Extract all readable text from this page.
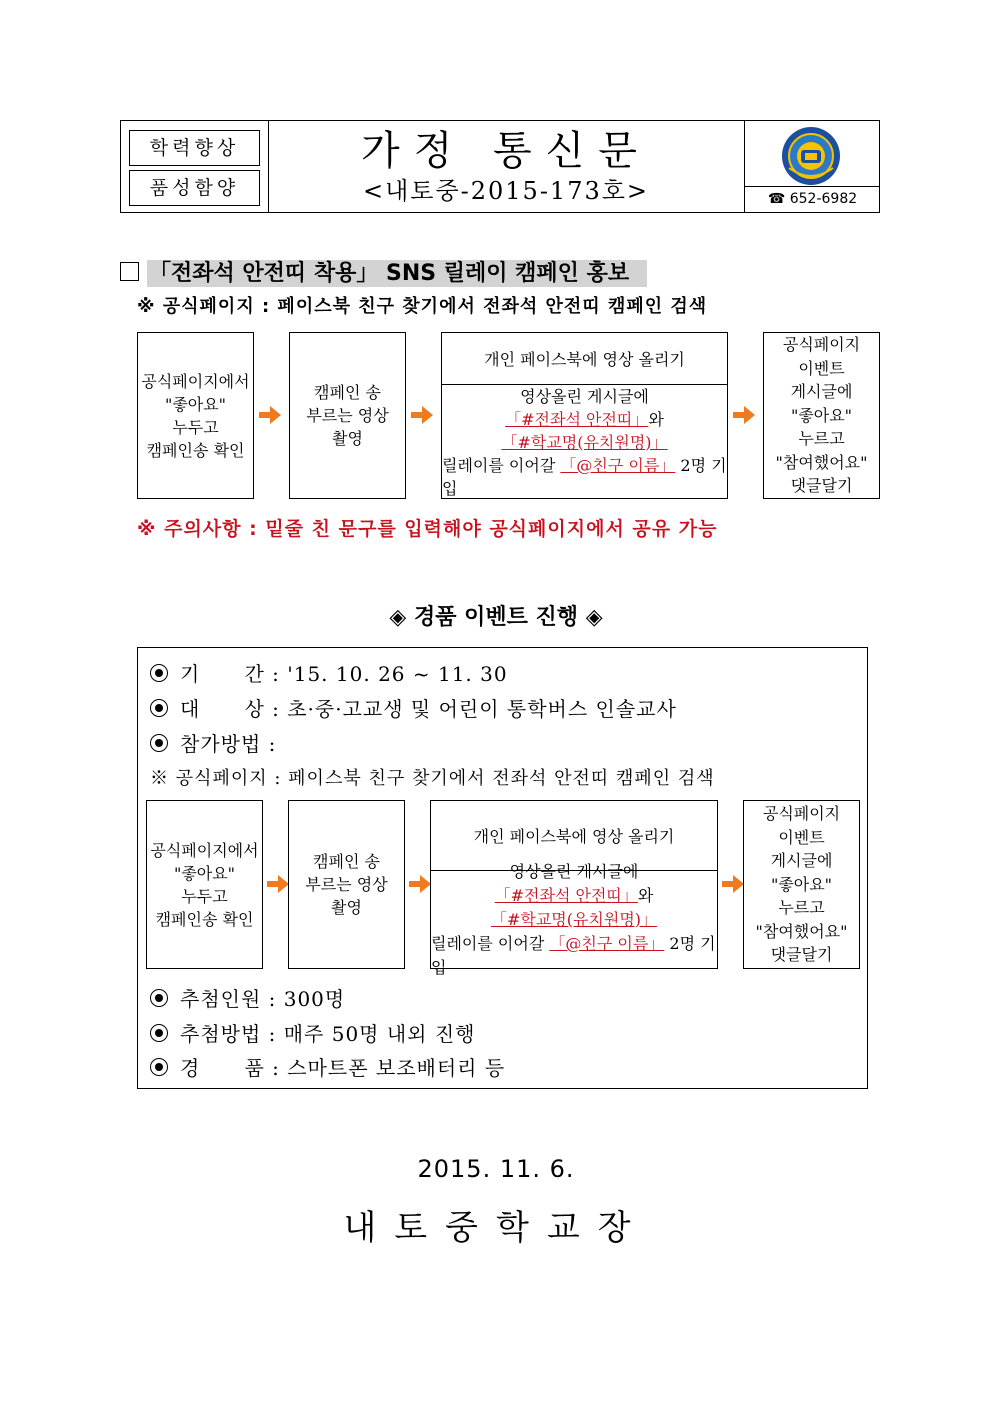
학력향상
품성함양
가정 통신문
<내토중-2015-173호>	☎ 652-6982
「전좌석 안전띠 착용」 SNS 릴레이 캠페인 홍보
※ 공식페이지 : 페이스북 친구 찾기에서 전좌석 안전띠 캠페인 검색
공식페이지에서
"좋아요"
누두고
캠페인송 확인
캠페인 송
부르는 영상
촬영
개인 페이스북에 영상 올리기
영상올린 게시글에
「#전좌석 안전띠」와
「#학교명(유치원명)」
릴레이를 이어갈 「@친구 이름」 2명 기입
공식페이지
이벤트
게시글에
"좋아요"
누르고
"참여했어요"
댓글달기
※ 주의사항 : 밑줄 친 문구를 입력해야 공식페이지에서 공유 가능
◈ 경품 이벤트 진행 ◈
기      간 : '15. 10. 26 ~ 11. 30
대      상 : 초·중·고교생 및 어린이 통학버스 인솔교사
참가방법 :
※ 공식페이지 : 페이스북 친구 찾기에서 전좌석 안전띠 캠페인 검색
공식페이지에서
"좋아요"
누두고
캠페인송 확인
캠페인 송
부르는 영상
촬영
개인 페이스북에 영상 올리기
영상올린 게시글에
「#전좌석 안전띠」와
「#학교명(유치원명)」
릴레이를 이어갈 「@친구 이름」 2명 기입
공식페이지
이벤트
게시글에
"좋아요"
누르고
"참여했어요"
댓글달기
추첨인원 : 300명
추첨방법 : 매주 50명 내외 진행
경      품 : 스마트폰 보조배터리 등
2015. 11. 6.
내토중학교장
